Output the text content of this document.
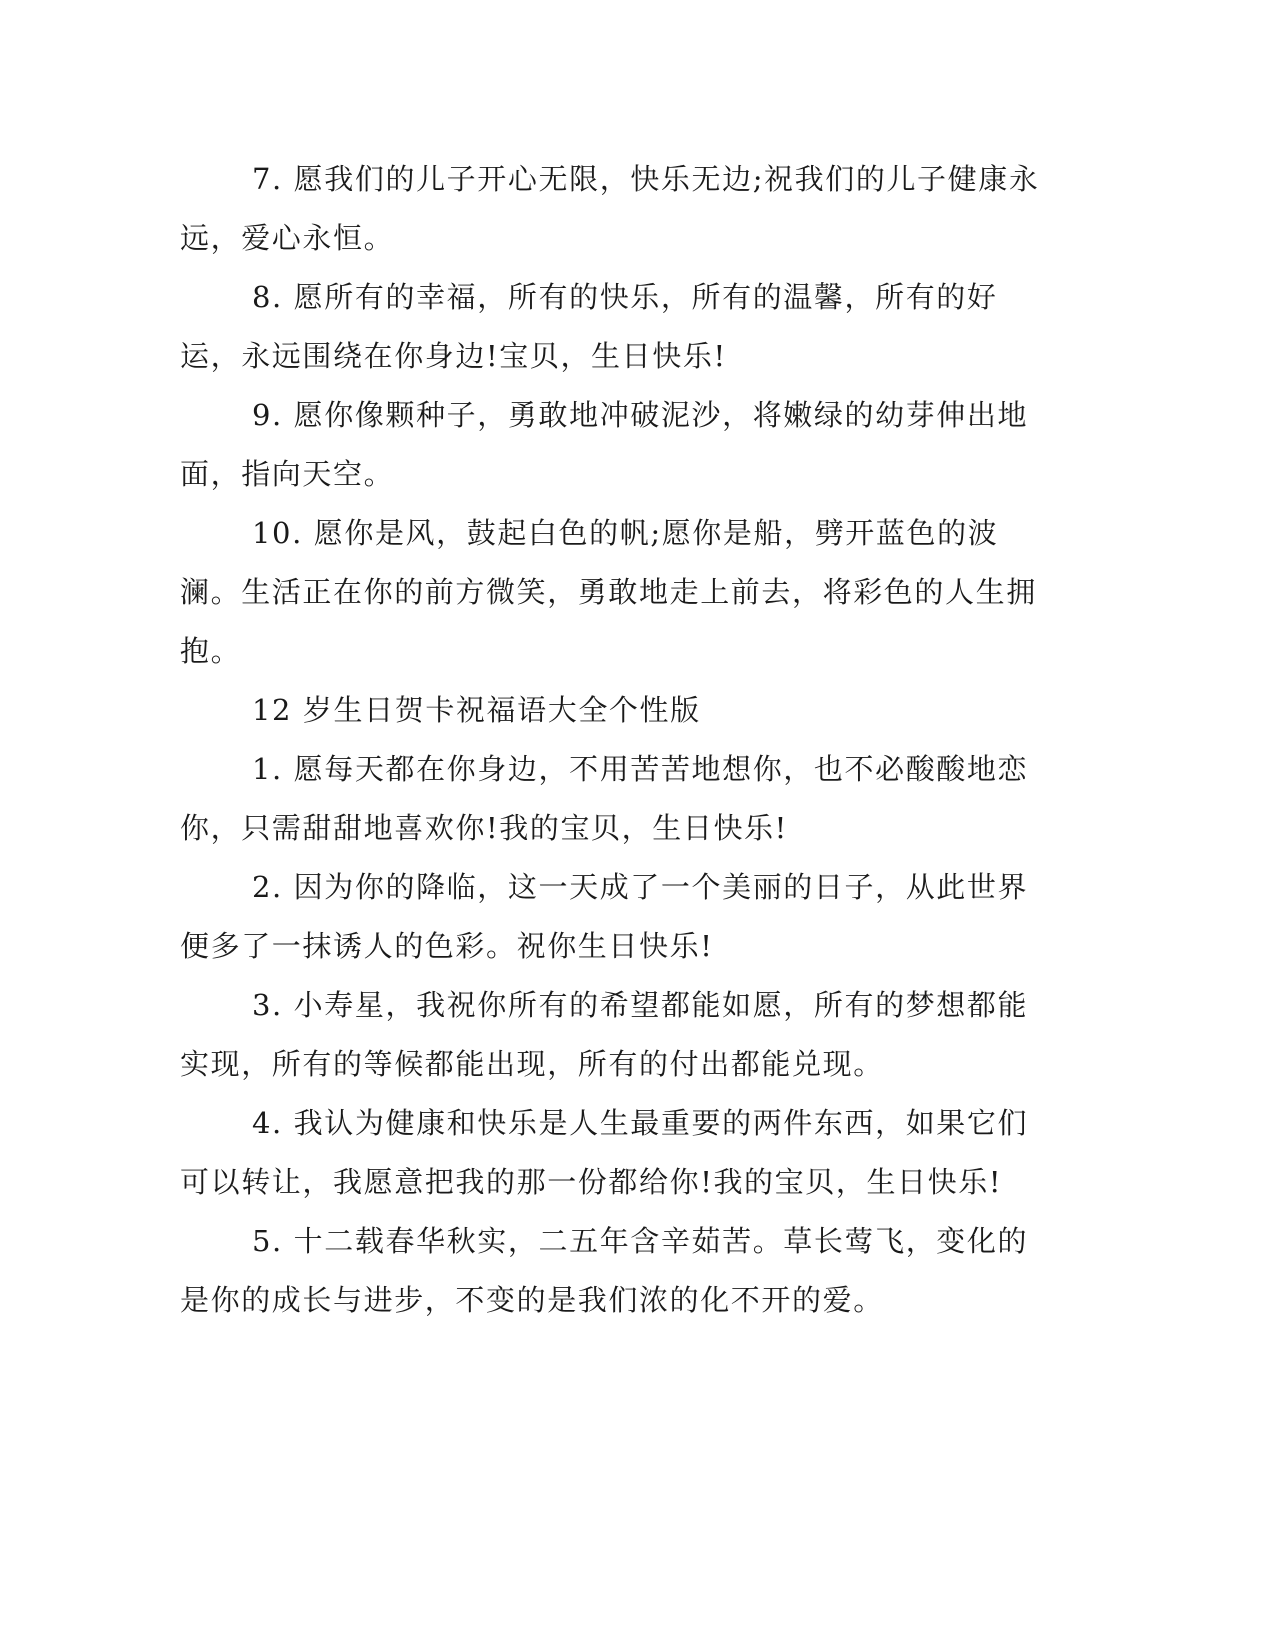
7. 愿我们的儿子开心无限，快乐无边;祝我们的儿子健康永远，爱心永恒。

8. 愿所有的幸福，所有的快乐，所有的温馨，所有的好运，永远围绕在你身边!宝贝，生日快乐!

9. 愿你像颗种子，勇敢地冲破泥沙，将嫩绿的幼芽伸出地面，指向天空。

10. 愿你是风，鼓起白色的帆;愿你是船，劈开蓝色的波澜。生活正在你的前方微笑，勇敢地走上前去，将彩色的人生拥抱。

12 岁生日贺卡祝福语大全个性版

1. 愿每天都在你身边，不用苦苦地想你，也不必酸酸地恋你，只需甜甜地喜欢你!我的宝贝，生日快乐!

2. 因为你的降临，这一天成了一个美丽的日子，从此世界便多了一抹诱人的色彩。祝你生日快乐!

3. 小寿星，我祝你所有的希望都能如愿，所有的梦想都能实现，所有的等候都能出现，所有的付出都能兑现。

4. 我认为健康和快乐是人生最重要的两件东西，如果它们可以转让，我愿意把我的那一份都给你!我的宝贝，生日快乐!

5. 十二载春华秋实，二五年含辛茹苦。草长莺飞，变化的是你的成长与进步，不变的是我们浓的化不开的爱。
